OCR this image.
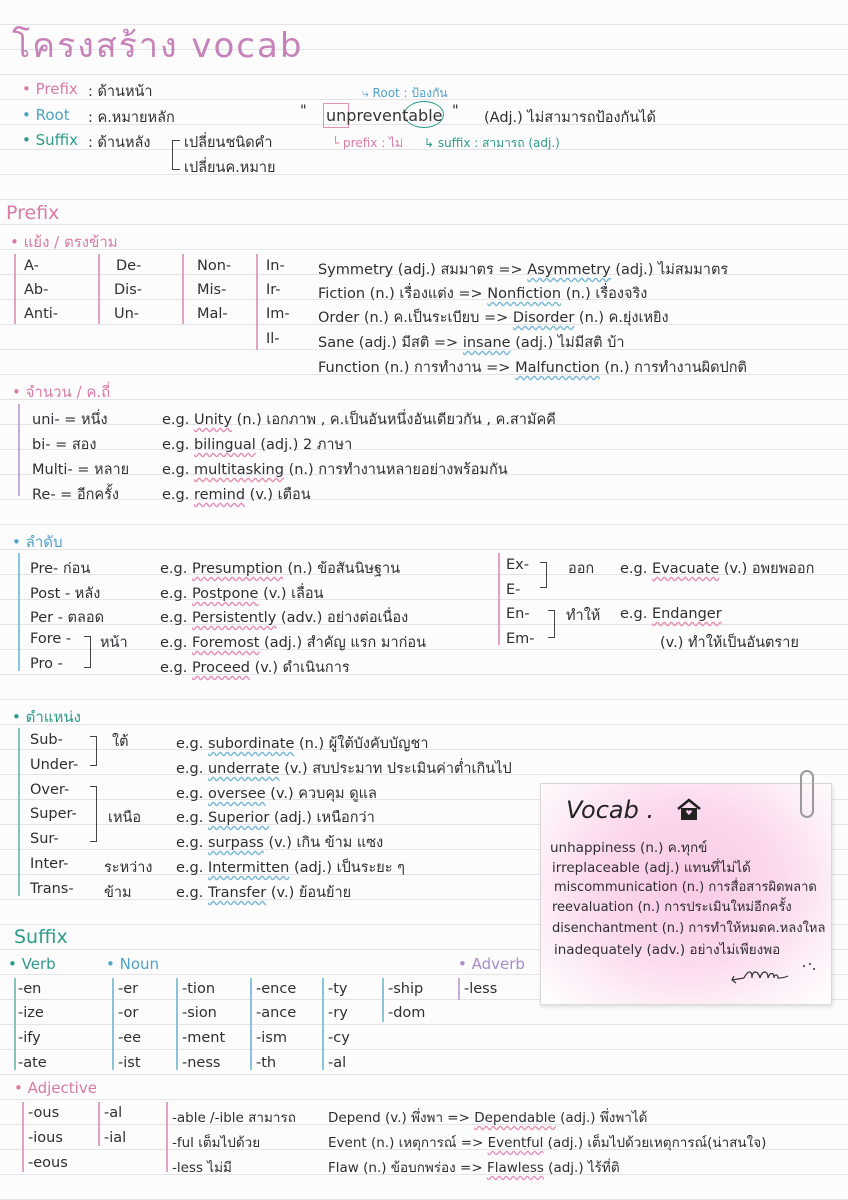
โครงสร้าง vocab
• Prefix : ด้านหน้า
• Root : ค.หมายหลัก
• Suffix : ด้านหลัง เปลี่ยนชนิดคำ
เปลี่ยนค.หมาย
⤷ Root : ป้องกัน
" unpreventable " (Adj.) ไม่สามารถป้องกันได้
└ prefix : ไม่ ↳ suffix : สามารถ (adj.)
Prefix
• แย้ง / ตรงข้าม
A-
Ab-
Anti-
De-
Dis-
Un-
Non-
Mis-
Mal-
In-
Ir-
Im-
Il-
Symmetry (adj.) สมมาตร => Asymmetry (adj.) ไม่สมมาตร
Fiction (n.) เรื่องแต่ง => Nonfiction (n.) เรื่องจริง
Order (n.) ค.เป็นระเบียบ => Disorder (n.) ค.ยุ่งเหยิง
Sane (adj.) มีสติ => insane (adj.) ไม่มีสติ บ้า
Function (n.) การทำงาน => Malfunction (n.) การทำงานผิดปกติ
• จำนวน / ค.ถี่
uni- = หนึ่ง
bi- = สอง
Multi- = หลาย
Re- = อีกครั้ง
e.g. Unity (n.) เอกภาพ , ค.เป็นอันหนึ่งอันเดียวกัน , ค.สามัคคี
e.g. bilingual (adj.) 2 ภาษา
e.g. multitasking (n.) การทำงานหลายอย่างพร้อมกัน
e.g. remind (v.) เตือน
• ลำดับ
Pre- ก่อน
Post - หลัง
Per - ตลอด
Fore -
Pro -
หน้า
e.g. Presumption (n.) ข้อสันนิษฐาน
e.g. Postpone (v.) เลื่อน
e.g. Persistently (adv.) อย่างต่อเนื่อง
e.g. Foremost (adj.) สำคัญ แรก มาก่อน
e.g. Proceed (v.) ดำเนินการ
Ex-
E-
ออก e.g. Evacuate (v.) อพยพออก
En-
Em-
ทำให้ e.g. Endanger
(v.) ทำให้เป็นอันตราย
• ตำแหน่ง
Sub-
Under-
Over-
Super-
Sur-
Inter-
Trans-
ใต้
เหนือ
ระหว่าง
ข้าม
e.g. subordinate (n.) ผู้ใต้บังคับบัญชา
e.g. underrate (v.) สบประมาท ประเมินค่าต่ำเกินไป
e.g. oversee (v.) ควบคุม ดูแล
e.g. Superior (adj.) เหนือกว่า
e.g. surpass (v.) เกิน ข้าม แซง
e.g. Intermitten (adj.) เป็นระยะ ๆ
e.g. Transfer (v.) ย้อนย้าย
Vocab .
unhappiness (n.) ค.ทุกข์
irreplaceable (adj.) แทนที่ไม่ได้
miscommunication (n.) การสื่อสารผิดพลาด
reevaluation (n.) การประเมินใหม่อีกครั้ง
disenchantment (n.) การทำให้หมดค.หลงใหล
inadequately (adv.) อย่างไม่เพียงพอ
Suffix
• Verb	• Noun	• Adverb
-en
-ize
-ify
-ate
-er
-or
-ee
-ist
-tion
-sion
-ment
-ness
-ence
-ance
-ism
-th
-ty
-ry
-cy
-al
-ship
-dom
-less
• Adjective
-ous
-ious
-eous
-al
-ial
-able /-ible สามารถ
-ful เต็มไปด้วย
-less ไม่มี
Depend (v.) พึ่งพา => Dependable (adj.) พึ่งพาได้
Event (n.) เหตุการณ์ => Eventful (adj.) เต็มไปด้วยเหตุการณ์(น่าสนใจ)
Flaw (n.) ข้อบกพร่อง => Flawless (adj.) ไร้ที่ติ
